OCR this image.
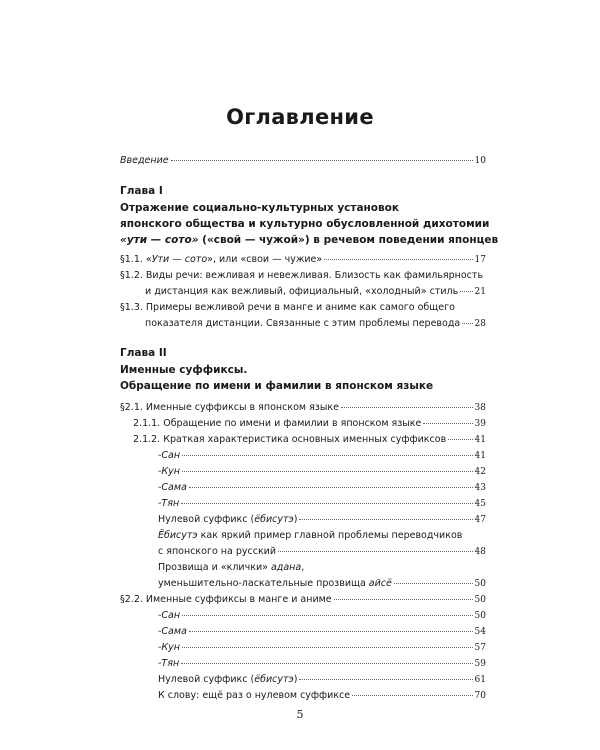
Оглавление
Введение	10
Глава I
Отражение социально-культурных установок
японского общества и культурно обусловленной дихотомии
«ути — сото» («свой — чужой») в речевом поведении японцев
§1.1. «Ути — сото», или «свои — чужие»	17
§1.2. Виды речи: вежливая и невежливая. Близость как фамильярность
и дистанция как вежливый, официальный, «холодный» стиль 21
§1.3. Примеры вежливой речи в манге и аниме как самого общего
показателя дистанции. Связанные с этим проблемы перевода 28
Глава II
Именные суффиксы.
Обращение по имени и фамилии в японском языке
§2.1. Именные суффиксы в японском языке	38
2.1.1. Обращение по имени и фамилии в японском языке	39
2.1.2. Краткая характеристика основных именных суффиксов	41
-Сан	41
-Кун	42
-Сама	43
-Тян	45
Нулевой суффикс (ёбисутэ)	47
Ёбисутэ как яркий пример главной проблемы переводчиков
с японского на русский	48
Прозвища и «клички» адана,
уменьшительно-ласкательные прозвища айсё	50
§2.2. Именные суффиксы в манге и аниме	50
-Сан	50
-Сама	54
-Кун	57
-Тян	59
Нулевой суффикс (ёбисутэ)	61
К слову: ещё раз о нулевом суффиксе	70
5
